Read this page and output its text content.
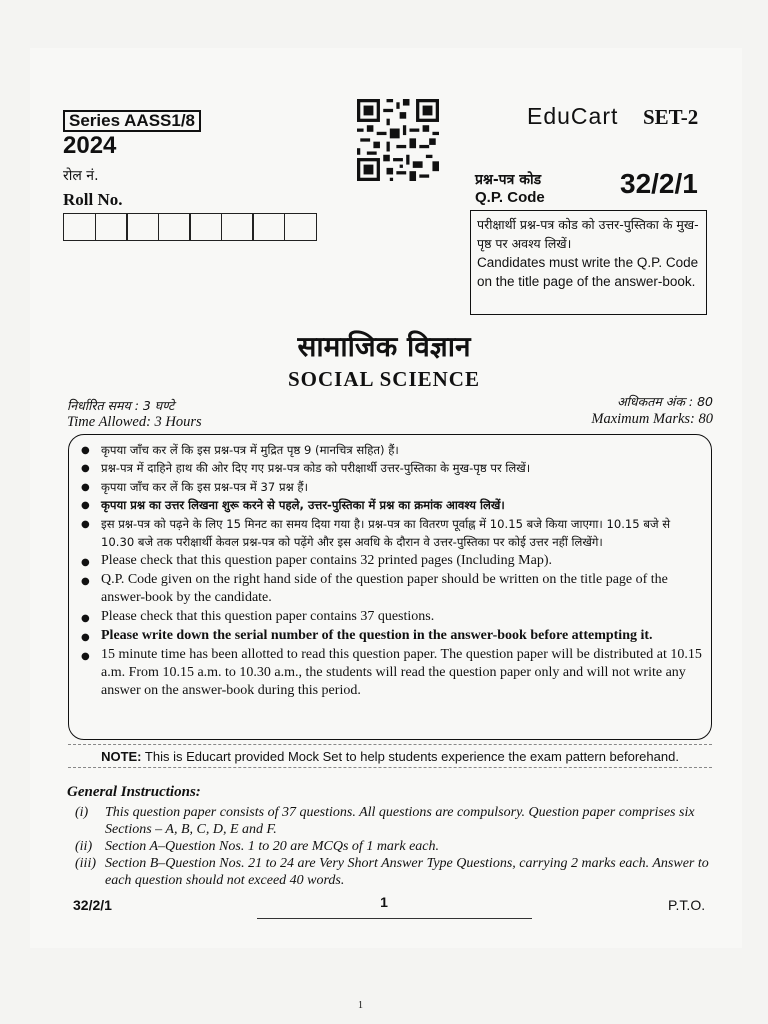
Series AASS1/8
2024
रोल नं.
Roll No.
EduCart SET-2
प्रश्न-पत्र कोड
Q.P. Code	32/2/1
परीक्षार्थी प्रश्न-पत्र कोड को उत्तर-पुस्तिका के मुख-पृष्ठ पर अवश्य लिखें।
Candidates must write the Q.P. Code on the title page of the answer-book.
सामाजिक विज्ञान
SOCIAL SCIENCE
निर्धारित समय : 3 घण्टे
Time Allowed: 3 Hours
अधिकतम अंक : 80
Maximum Marks: 80
● कृपया जाँच कर लें कि इस प्रश्न-पत्र में मुद्रित पृष्ठ 9 (मानचित्र सहित) हैं।
● प्रश्न-पत्र में दाहिने हाथ की ओर दिए गए प्रश्न-पत्र कोड को परीक्षार्थी उत्तर-पुस्तिका के मुख-पृष्ठ पर लिखें।
● कृपया जाँच कर लें कि इस प्रश्न-पत्र में 37 प्रश्न हैं।
● कृपया प्रश्न का उत्तर लिखना शुरू करने से पहले, उत्तर-पुस्तिका में प्रश्न का क्रमांक आवश्य लिखें।
● इस प्रश्न-पत्र को पढ़ने के लिए 15 मिनट का समय दिया गया है। प्रश्न-पत्र का वितरण पूर्वाह्न में 10.15 बजे किया जाएगा। 10.15 बजे से 10.30 बजे तक परीक्षार्थी केवल प्रश्न-पत्र को पढ़ेंगे और इस अवधि के दौरान वे उत्तर-पुस्तिका पर कोई उत्तर नहीं लिखेंगे।
● Please check that this question paper contains 32 printed pages (Including Map).
● Q.P. Code given on the right hand side of the question paper should be written on the title page of the answer-book by the candidate.
● Please check that this question paper contains 37 questions.
● Please write down the serial number of the question in the answer-book before attempting it.
● 15 minute time has been allotted to read this question paper. The question paper will be distributed at 10.15 a.m. From 10.15 a.m. to 10.30 a.m., the students will read the question paper only and will not write any answer on the answer-book during this period.
NOTE: This is Educart provided Mock Set to help students experience the exam pattern beforehand.
General Instructions:
(i)	This question paper consists of 37 questions. All questions are compulsory. Question paper comprises six Sections – A, B, C, D, E and F.
(ii) Section A–Question Nos. 1 to 20 are MCQs of 1 mark each.
(iii) Section B–Question Nos. 21 to 24 are Very Short Answer Type Questions, carrying 2 marks each. Answer to each question should not exceed 40 words.
32/2/1	1	P.T.O.
1
